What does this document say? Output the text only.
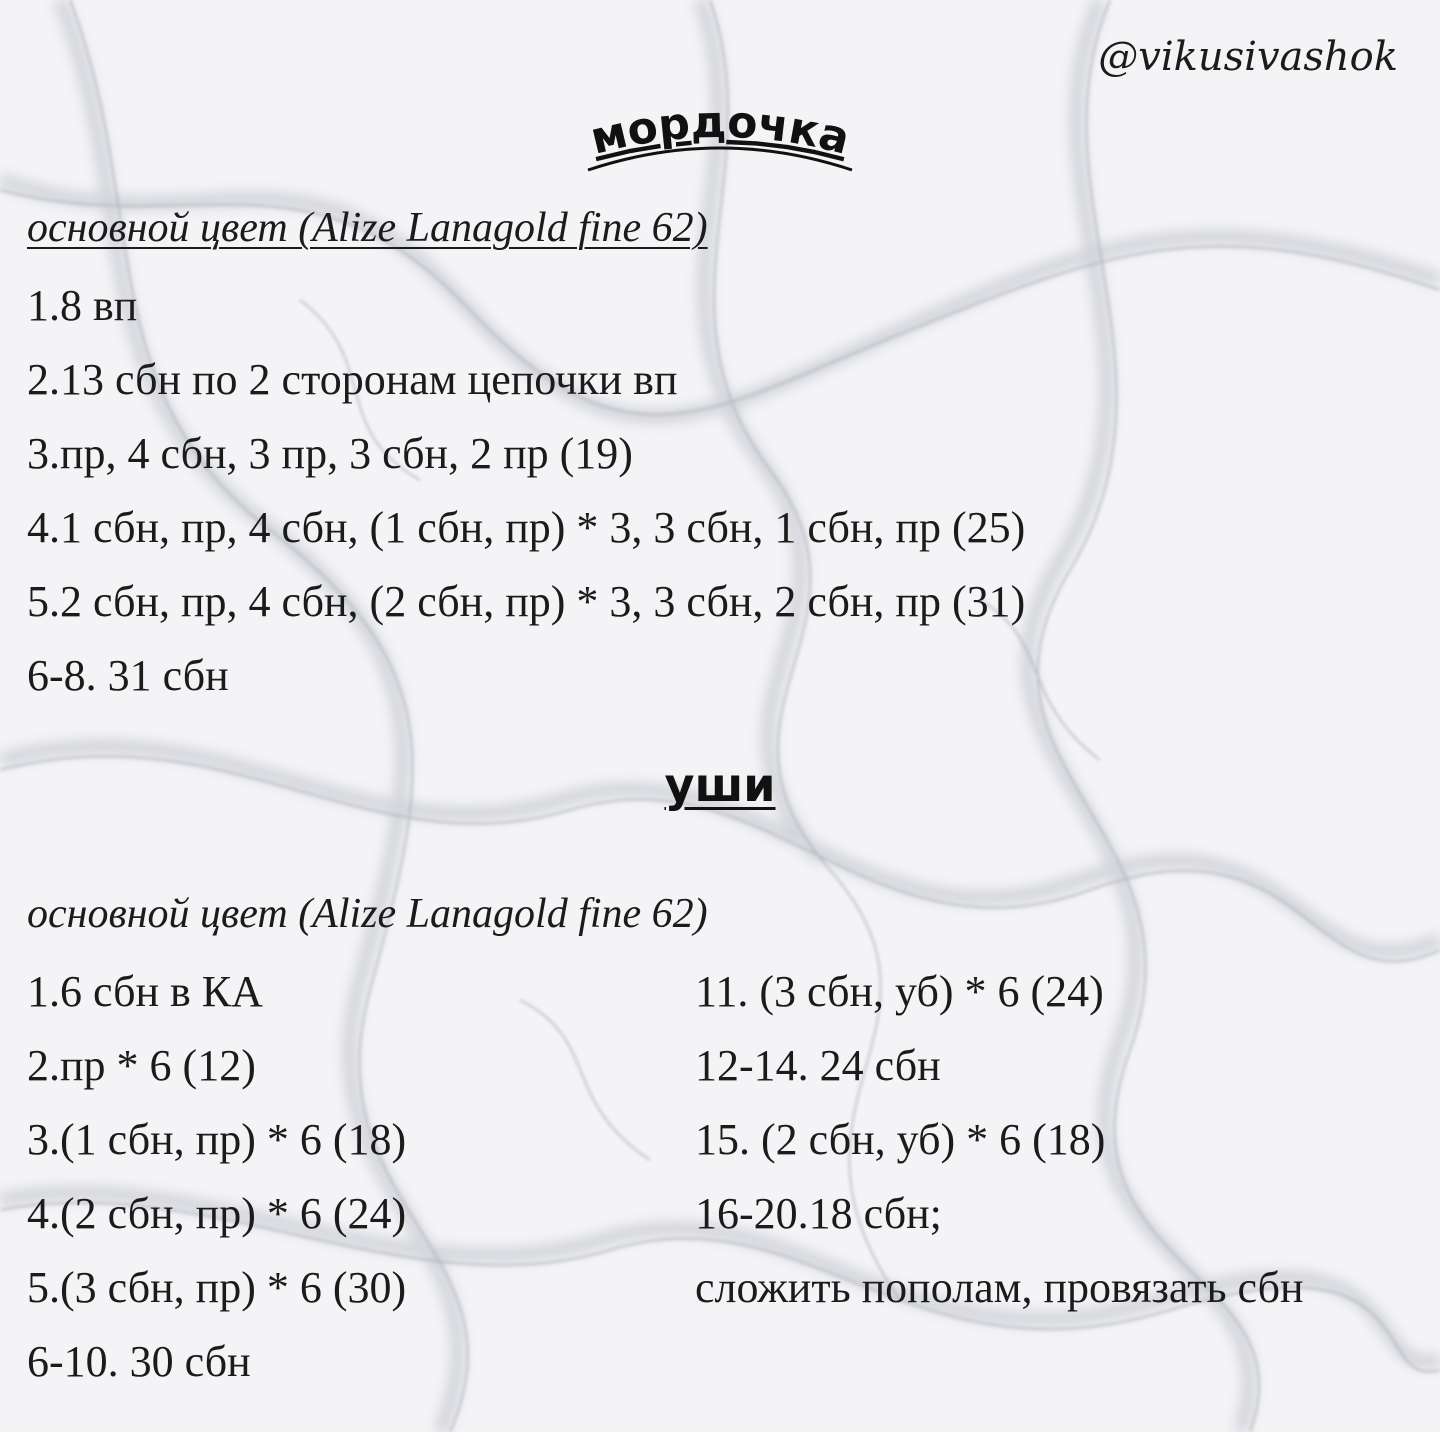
@vikusivashok
мордочка
основной цвет (Alize Lanagold fine 62)
1.8 вп
2.13 сбн по 2 сторонам цепочки вп
3.пр, 4 сбн, 3 пр, 3 сбн, 2 пр (19)
4.1 сбн, пр, 4 сбн, (1 сбн, пр) * 3, 3 сбн, 1 сбн, пр (25)
5.2 сбн, пр, 4 сбн, (2 сбн, пр) * 3, 3 сбн, 2 сбн, пр (31)
6-8. 31 сбн
уши
основной цвет (Alize Lanagold fine 62)
1.6 сбн в КА
2.пр * 6 (12)
3.(1 сбн, пр) * 6 (18)
4.(2 сбн, пр) * 6 (24)
5.(3 сбн, пр) * 6 (30)
6-10. 30 сбн
11. (3 сбн, уб) * 6 (24)
12-14. 24 сбн
15. (2 сбн, уб) * 6 (18)
16-20.18 сбн;
сложить пополам, провязать сбн
